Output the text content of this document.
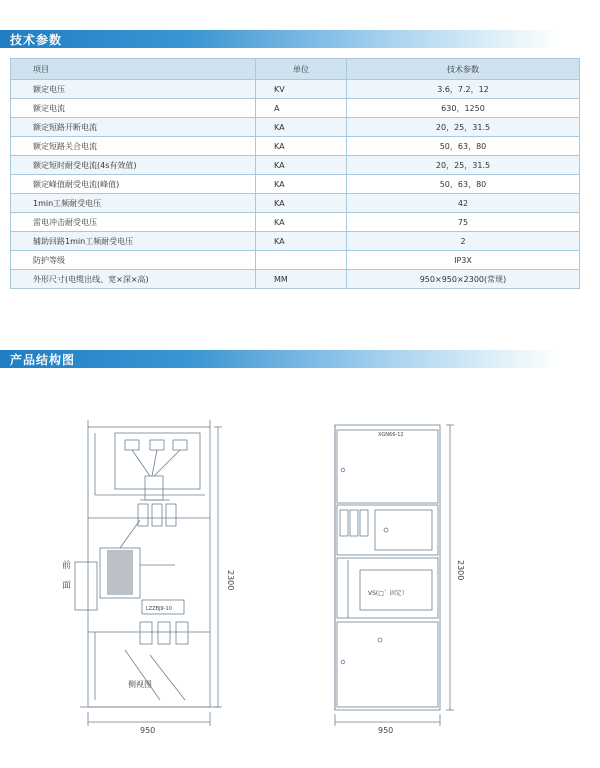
技术参数
项目	单位	技术参数
额定电压	KV	3.6，7.2，12
额定电流	A	630，1250
额定短路开断电流	KA	20，25，31.5
额定短路关合电流	KA	50，63，80
额定短时耐受电流(4s有效值)	KA	20，25，31.5
额定峰值耐受电流(峰值)	KA	50，63，80
1min工频耐受电压	KA	42
雷电冲击耐受电压	KA	75
辅助回路1min工频耐受电压	KA	2
防护等级		IP3X
外形尺寸(电缆出线、宽×深×高)	MM	950×950×2300(常规)
产品结构图
前
面	2300
950
侧视图
LZZBJ9-10
XGN66-12
VS(□゛固定）
2300
950
